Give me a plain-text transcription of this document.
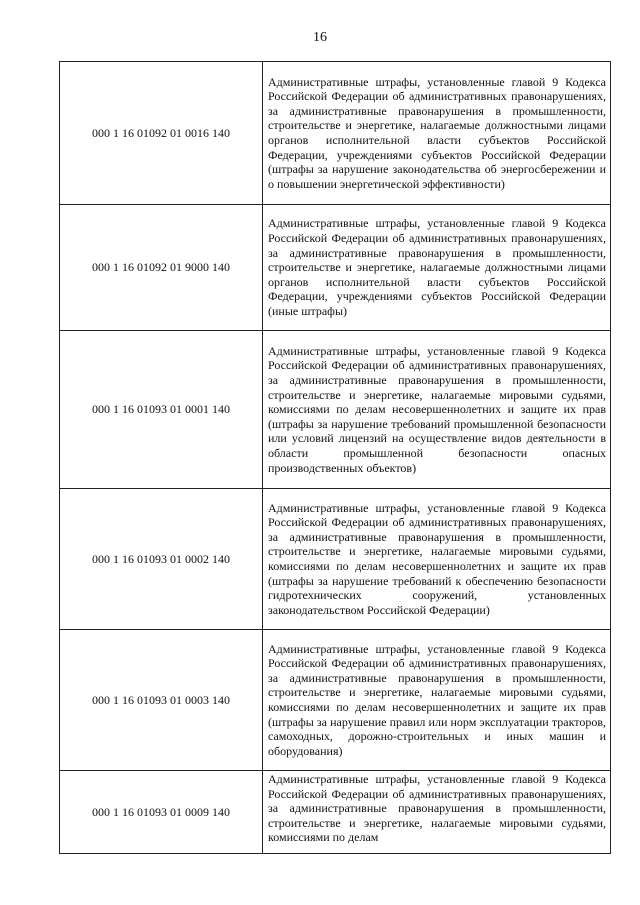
16
000 1 16 01092 01 0016 140	Административные штрафы, установленные главой 9 Кодекса Российской Федерации об административных правонарушениях, за административные правонарушения в промышленности, строительстве и энергетике, налагаемые должностными лицами органов исполнительной власти субъектов Российской Федерации, учреждениями субъектов Российской Федерации (штрафы за нарушение законодательства об энергосбережении и о повышении энергетической эффективности)
000 1 16 01092 01 9000 140	Административные штрафы, установленные главой 9 Кодекса Российской Федерации об административных правонарушениях, за административные правонарушения в промышленности, строительстве и энергетике, налагаемые должностными лицами органов исполнительной власти субъектов Российской Федерации, учреждениями субъектов Российской Федерации (иные штрафы)
000 1 16 01093 01 0001 140	Административные штрафы, установленные главой 9 Кодекса Российской Федерации об административных правонарушениях, за административные правонарушения в промышленности, строительстве и энергетике, налагаемые мировыми судьями, комиссиями по делам несовершеннолетних и защите их прав (штрафы за нарушение требований промышленной безопасности или условий лицензий на осуществление видов деятельности в области промышленной безопасности опасных производственных объектов)
000 1 16 01093 01 0002 140	Административные штрафы, установленные главой 9 Кодекса Российской Федерации об административных правонарушениях, за административные правонарушения в промышленности, строительстве и энергетике, налагаемые мировыми судьями, комиссиями по делам несовершеннолетних и защите их прав (штрафы за нарушение требований к обеспечению безопасности гидротехнических сооружений, установленных законодательством Российской Федерации)
000 1 16 01093 01 0003 140	Административные штрафы, установленные главой 9 Кодекса Российской Федерации об административных правонарушениях, за административные правонарушения в промышленности, строительстве и энергетике, налагаемые мировыми судьями, комиссиями по делам несовершеннолетних и защите их прав (штрафы за нарушение правил или норм эксплуатации тракторов, самоходных, дорожно-строительных и иных машин и оборудования)
000 1 16 01093 01 0009 140	Административные штрафы, установленные главой 9 Кодекса Российской Федерации об административных правонарушениях, за административные правонарушения в промышленности, строительстве и энергетике, налагаемые мировыми судьями, комиссиями по делам
